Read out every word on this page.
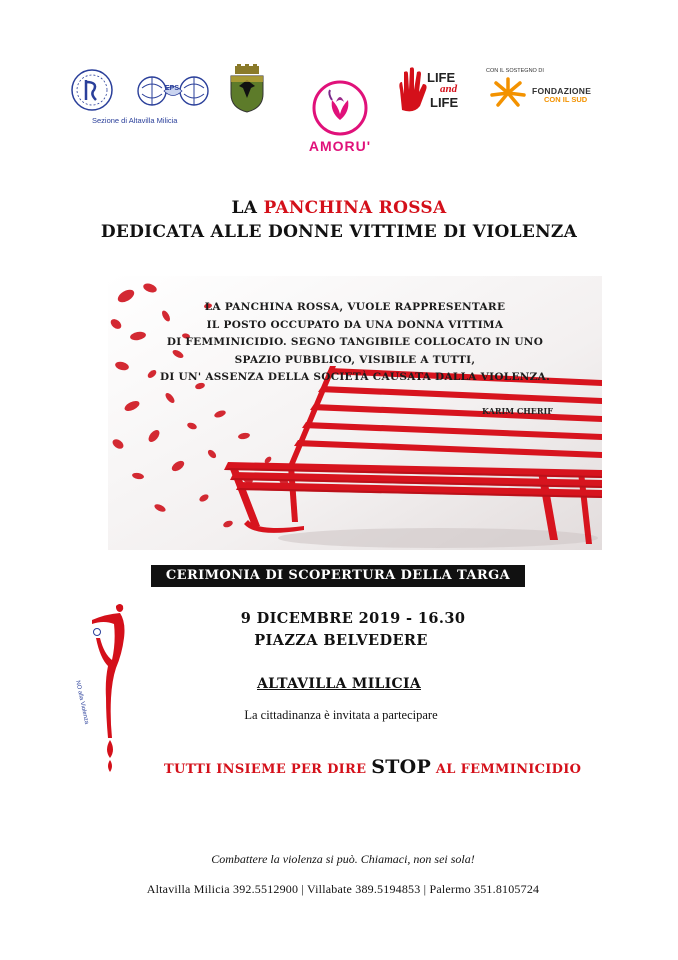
EPS
Sezione di Altavilla Milicia
AMORU'
LIFE
and
LIFE
CON IL SOSTEGNO DI
FONDAZIONE
CON IL SUD
LA PANCHINA ROSSA
DEDICATA ALLE DONNE VITTIME DI VIOLENZA
LA PANCHINA ROSSA, VUOLE RAPPRESENTARE
IL POSTO OCCUPATO DA UNA DONNA VITTIMA
DI FEMMINICIDIO. SEGNO TANGIBILE COLLOCATO IN UNO
SPAZIO PUBBLICO, VISIBILE A TUTTI,
DI UN' ASSENZA DELLA SOCIETÀ CAUSATA DALLA VIOLENZA.
KARIM CHERIF
CERIMONIA DI SCOPERTURA DELLA TARGA
NO alla Violenza
9 DICEMBRE 2019 - 16.30
PIAZZA BELVEDERE
ALTAVILLA MILICIA
La cittadinanza è invitata a partecipare
TUTTI INSIEME PER DIRE STOP AL FEMMINICIDIO
Combattere la violenza si può. Chiamaci, non sei sola!
Altavilla Milicia 392.5512900 | Villabate 389.5194853 | Palermo 351.8105724
